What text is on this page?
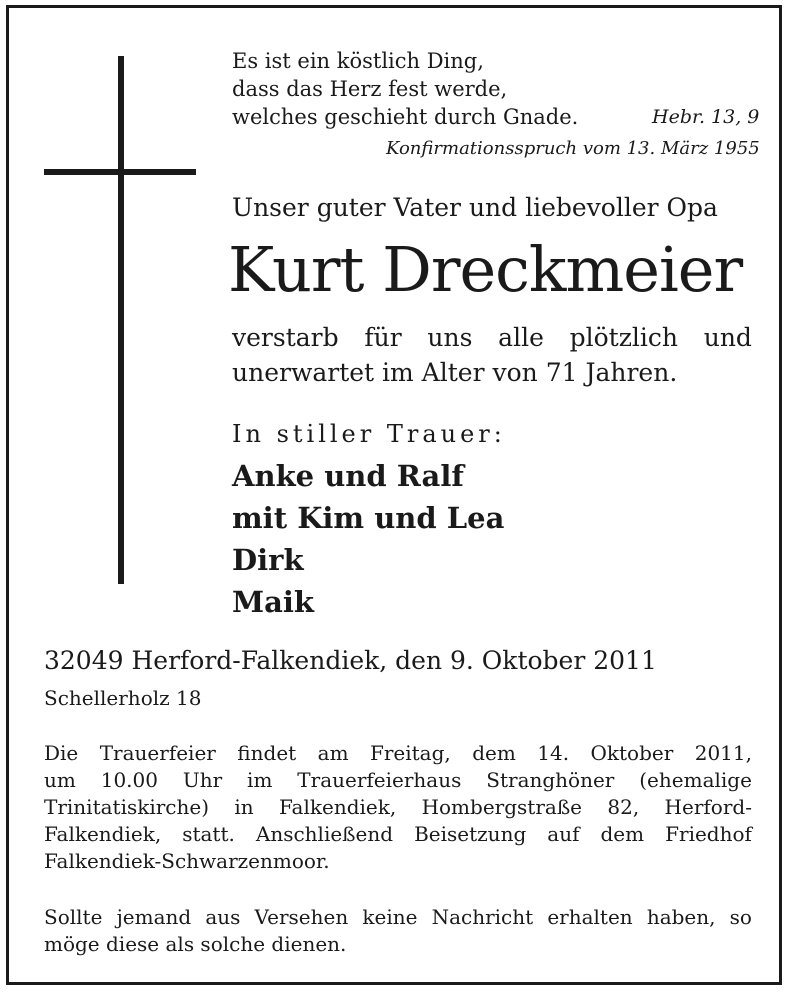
Es ist ein köstlich Ding,
dass das Herz fest werde,
welches geschieht durch Gnade.	Hebr. 13, 9
Konfirmationsspruch vom 13. März 1955
Unser guter Vater und liebevoller Opa
Kurt Dreckmeier
verstarb für uns alle plötzlich und
unerwartet im Alter von 71 Jahren.
In stiller Trauer:
Anke und Ralf
mit Kim und Lea
Dirk
Maik
32049 Herford-Falkendiek, den 9. Oktober 2011
Schellerholz 18
Die Trauerfeier findet am Freitag, dem 14. Oktober 2011,
um 10.00 Uhr im Trauerfeierhaus Stranghöner (ehemalige
Trinitatiskirche) in Falkendiek, Hombergstraße 82, Herford-
Falkendiek, statt. Anschließend Beisetzung auf dem Friedhof
Falkendiek-Schwarzenmoor.
Sollte jemand aus Versehen keine Nachricht erhalten haben, so
möge diese als solche dienen.
